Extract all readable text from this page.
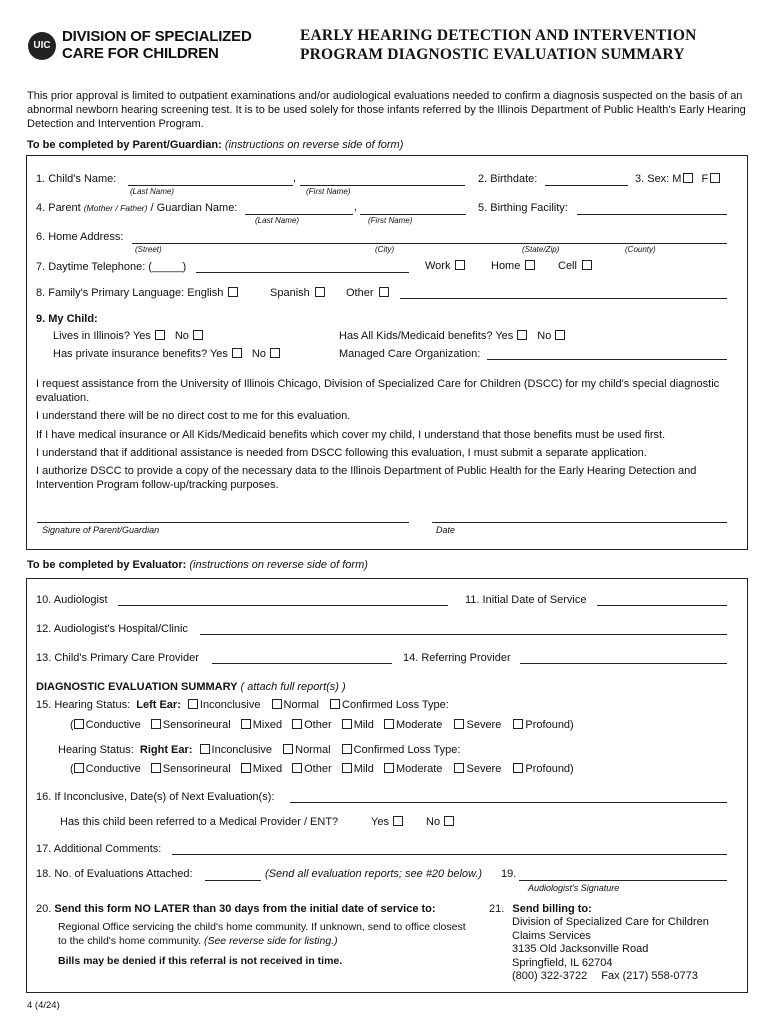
UIC
DIVISION OF SPECIALIZED
CARE FOR CHILDREN
EARLY HEARING DETECTION AND INTERVENTION
PROGRAM DIAGNOSTIC EVALUATION SUMMARY
This prior approval is limited to outpatient examinations and/or audiological evaluations needed to confirm a diagnosis suspected on the basis of an abnormal newborn hearing screening test. It is to be used solely for those infants referred by the Illinois Department of Public Health's Early Hearing Detection and Intervention Program.
To be completed by Parent/Guardian: (instructions on reverse side of form)
1. Child's Name:	,
(Last Name)	(First Name)
2. Birthdate:	3. Sex: M F
4. Parent (Mother / Father) / Guardian Name:	,
(Last Name)	(First Name)
5. Birthing Facility:
6. Home Address:
(Street)	(City)	(State/Zip)	(County)
7. Daytime Telephone: (_____)	Work	Home	Cell
8. Family's Primary Language: English	Spanish	Other
9. My Child:
Lives in Illinois? Yes No	Has All Kids/Medicaid benefits? Yes No
Has private insurance benefits? Yes No	Managed Care Organization:
I request assistance from the University of Illinois Chicago, Division of Specialized Care for Children (DSCC) for my child's special diagnostic evaluation.
I understand there will be no direct cost to me for this evaluation.
If I have medical insurance or All Kids/Medicaid benefits which cover my child, I understand that those benefits must be used first.
I understand that if additional assistance is needed from DSCC following this evaluation, I must submit a separate application.
I authorize DSCC to provide a copy of the necessary data to the Illinois Department of Public Health for the Early Hearing Detection and Intervention Program follow-up/tracking purposes.
Signature of Parent/Guardian	Date
To be completed by Evaluator: (instructions on reverse side of form)
10. Audiologist	11. Initial Date of Service
12. Audiologist's Hospital/Clinic
13. Child's Primary Care Provider	14. Referring Provider
DIAGNOSTIC EVALUATION SUMMARY ( attach full report(s) )
15. Hearing Status: Left Ear: Inconclusive Normal Confirmed Loss Type:
( Conductive Sensorineural Mixed Other Mild Moderate Severe Profound)
Hearing Status: Right Ear: Inconclusive Normal Confirmed Loss Type:
( Conductive Sensorineural Mixed Other Mild Moderate Severe Profound)
16. If Inconclusive, Date(s) of Next Evaluation(s):
Has this child been referred to a Medical Provider / ENT?	Yes	No
17. Additional Comments:
18. No. of Evaluations Attached:	(Send all evaluation reports; see #20 below.) 19.
Audiologist's Signature
20. Send this form NO LATER than 30 days from the initial date of service to:
Regional Office servicing the child's home community. If unknown, send to office closest to the child's home community. (See reverse side for listing.)
Bills may be denied if this referral is not received in time.
21. Send billing to:
Division of Specialized Care for Children
Claims Services
3135 Old Jacksonville Road
Springfield, IL 62704
(800) 322-3722 Fax (217) 558-0773
4 (4/24)
